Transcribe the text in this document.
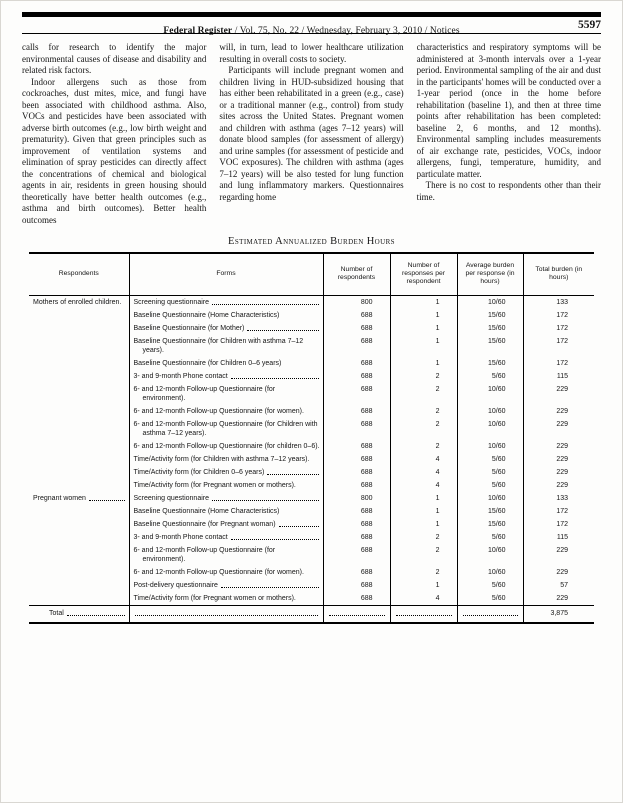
Federal Register / Vol. 75, No. 22 / Wednesday, February 3, 2010 / Notices	5597

calls for research to identify the major environmental causes of disease and disability and related risk factors.

Indoor allergens such as those from cockroaches, dust mites, mice, and fungi have been associated with childhood asthma. Also, VOCs and pesticides have been associated with adverse birth outcomes (e.g., low birth weight and prematurity). Given that green principles such as improvement of ventilation systems and elimination of spray pesticides can directly affect the concentrations of chemical and biological agents in air, residents in green housing should theoretically have better health outcomes (e.g., asthma and birth outcomes). Better health outcomes

will, in turn, lead to lower healthcare utilization resulting in overall costs to society.

Participants will include pregnant women and children living in HUD-subsidized housing that has either been rehabilitated in a green (e.g., case) or a traditional manner (e.g., control) from study sites across the United States. Pregnant women and children with asthma (ages 7–12 years) will donate blood samples (for assessment of allergy) and urine samples (for assessment of pesticide and VOC exposures). The children with asthma (ages 7–12 years) will be also tested for lung function and lung inflammatory markers. Questionnaires regarding home

characteristics and respiratory symptoms will be administered at 3-month intervals over a 1-year period. Environmental sampling of the air and dust in the participants' homes will be conducted over a 1-year period (once in the home before rehabilitation (baseline 1), and then at three time points after rehabilitation has been completed: baseline 2, 6 months, and 12 months). Environmental sampling includes measurements of air exchange rate, pesticides, VOCs, indoor allergens, fungi, temperature, humidity, and particulate matter.

There is no cost to respondents other than their time.

Estimated Annualized Burden Hours
Respondents	Forms	Number of respondents	Number of responses per respondent	Average burden per response (in hours)	Total burden (in hours)

Mothers of enrolled children.	Screening questionnaire	800	1	10/60	133

	Baseline Questionnaire (Home Characteristics)	688	1	15/60	172

	Baseline Questionnaire (for Mother)	688	1	15/60	172

	Baseline Questionnaire (for Children with asthma 7–12 years).	688	1	15/60	172

	Baseline Questionnaire (for Children 0–6 years)	688	1	15/60	172

	3- and 9-month Phone contact	688	2	5/60	115

	6- and 12-month Follow-up Questionnaire (for environment).	688	2	10/60	229

	6- and 12-month Follow-up Questionnaire (for women).	688	2	10/60	229

	6- and 12-month Follow-up Questionnaire (for Children with asthma 7–12 years).	688	2	10/60	229

	6- and 12-month Follow-up Questionnaire (for children 0–6).	688	2	10/60	229

	Time/Activity form (for Children with asthma 7–12 years).	688	4	5/60	229

	Time/Activity form (for Children 0–6 years)	688	4	5/60	229

	Time/Activity form (for Pregnant women or mothers).	688	4	5/60	229

Pregnant women	Screening questionnaire	800	1	10/60	133

	Baseline Questionnaire (Home Characteristics)	688	1	15/60	172

	Baseline Questionnaire (for Pregnant woman)	688	1	15/60	172

	3- and 9-month Phone contact	688	2	5/60	115

	6- and 12-month Follow-up Questionnaire (for environment).	688	2	10/60	229

	6- and 12-month Follow-up Questionnaire (for women).	688	2	10/60	229

	Post-delivery questionnaire	688	1	5/60	57

	Time/Activity form (for Pregnant women or mothers).	688	4	5/60	229

Total					3,875
